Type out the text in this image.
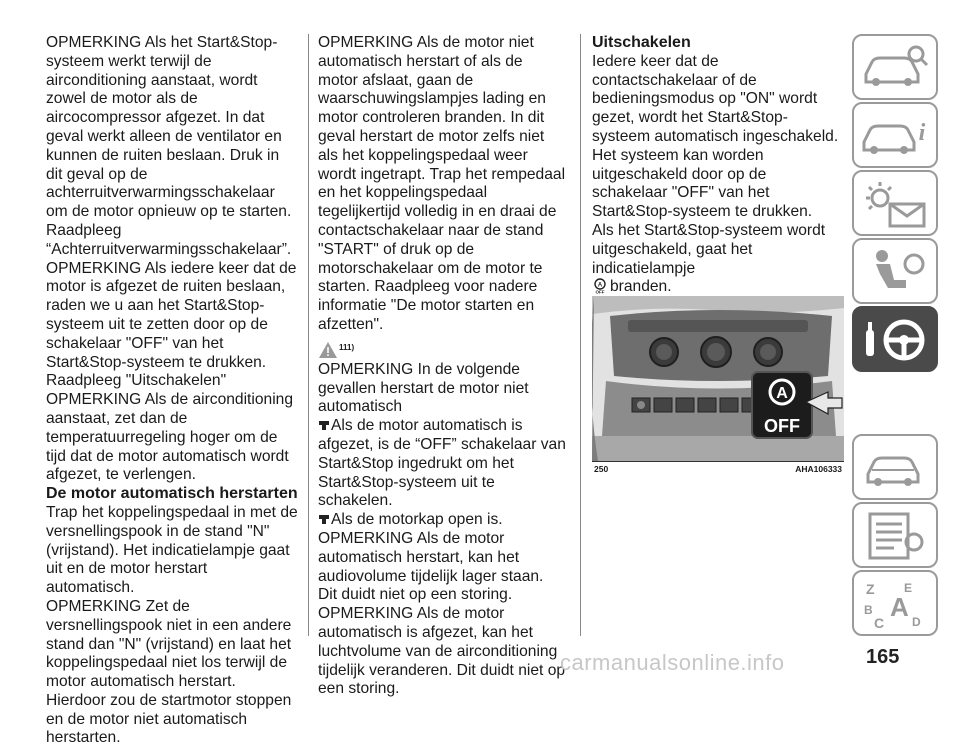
OPMERKING Als het Start&Stop-systeem werkt terwijl de airconditioning aanstaat, wordt zowel de motor als de aircocompressor afgezet. In dat geval werkt alleen de ventilator en kunnen de ruiten beslaan. Druk in dit geval op de achterruitverwarmingsschakelaar om de motor opnieuw op te starten. Raadpleeg “Achterruitverwarmingsschakelaar”.

OPMERKING Als iedere keer dat de motor is afgezet de ruiten beslaan, raden we u aan het Start&Stop-systeem uit te zetten door op de schakelaar "OFF" van het Start&Stop-systeem te drukken. Raadpleeg "Uitschakelen"

OPMERKING Als de airconditioning aanstaat, zet dan de temperatuurregeling hoger om de tijd dat de motor automatisch wordt afgezet, te verlengen.

De motor automatisch herstarten

Trap het koppelingspedaal in met de versnellingspook in de stand "N" (vrijstand). Het indicatielampje gaat uit en de motor herstart automatisch.

OPMERKING Zet de versnellingspook niet in een andere stand dan "N" (vrijstand) en laat het koppelingspedaal niet los terwijl de motor automatisch herstart. Hierdoor zou de startmotor stoppen en de motor niet automatisch herstarten.

OPMERKING Als de motor niet automatisch herstart of als de motor afslaat, gaan de waarschuwingslampjes lading en motor controleren branden. In dit geval herstart de motor zelfs niet als het koppelingspedaal weer wordt ingetrapt. Trap het rempedaal en het koppelingspedaal tegelijkertijd volledig in en draai de contactschakelaar naar de stand "START" of druk op de motorschakelaar om de motor te starten. Raadpleeg voor nadere informatie "De motor starten en afzetten".

111)

OPMERKING In de volgende gevallen herstart de motor niet automatisch

Als de motor automatisch is afgezet, is de “OFF” schakelaar van Start&Stop ingedrukt om het Start&Stop-systeem uit te schakelen.

Als de motorkap open is.

OPMERKING Als de motor automatisch herstart, kan het audiovolume tijdelijk lager staan. Dit duidt niet op een storing.

OPMERKING Als de motor automatisch is afgezet, kan het luchtvolume van de airconditioning tijdelijk veranderen. Dit duidt niet op een storing.

Uitschakelen

Iedere keer dat de contactschakelaar of de bedieningsmodus op "ON" wordt gezet, wordt het Start&Stop-systeem automatisch ingeschakeld. Het systeem kan worden uitgeschakeld door op de schakelaar "OFF" van het Start&Stop-systeem te drukken.

Als het Start&Stop-systeem wordt uitgeschakeld, gaat het indicatielampje

A
OFF branden.

A
OFF
250	AHA106333
i
Z E
B A
C D
carmanualsonline.info	165
